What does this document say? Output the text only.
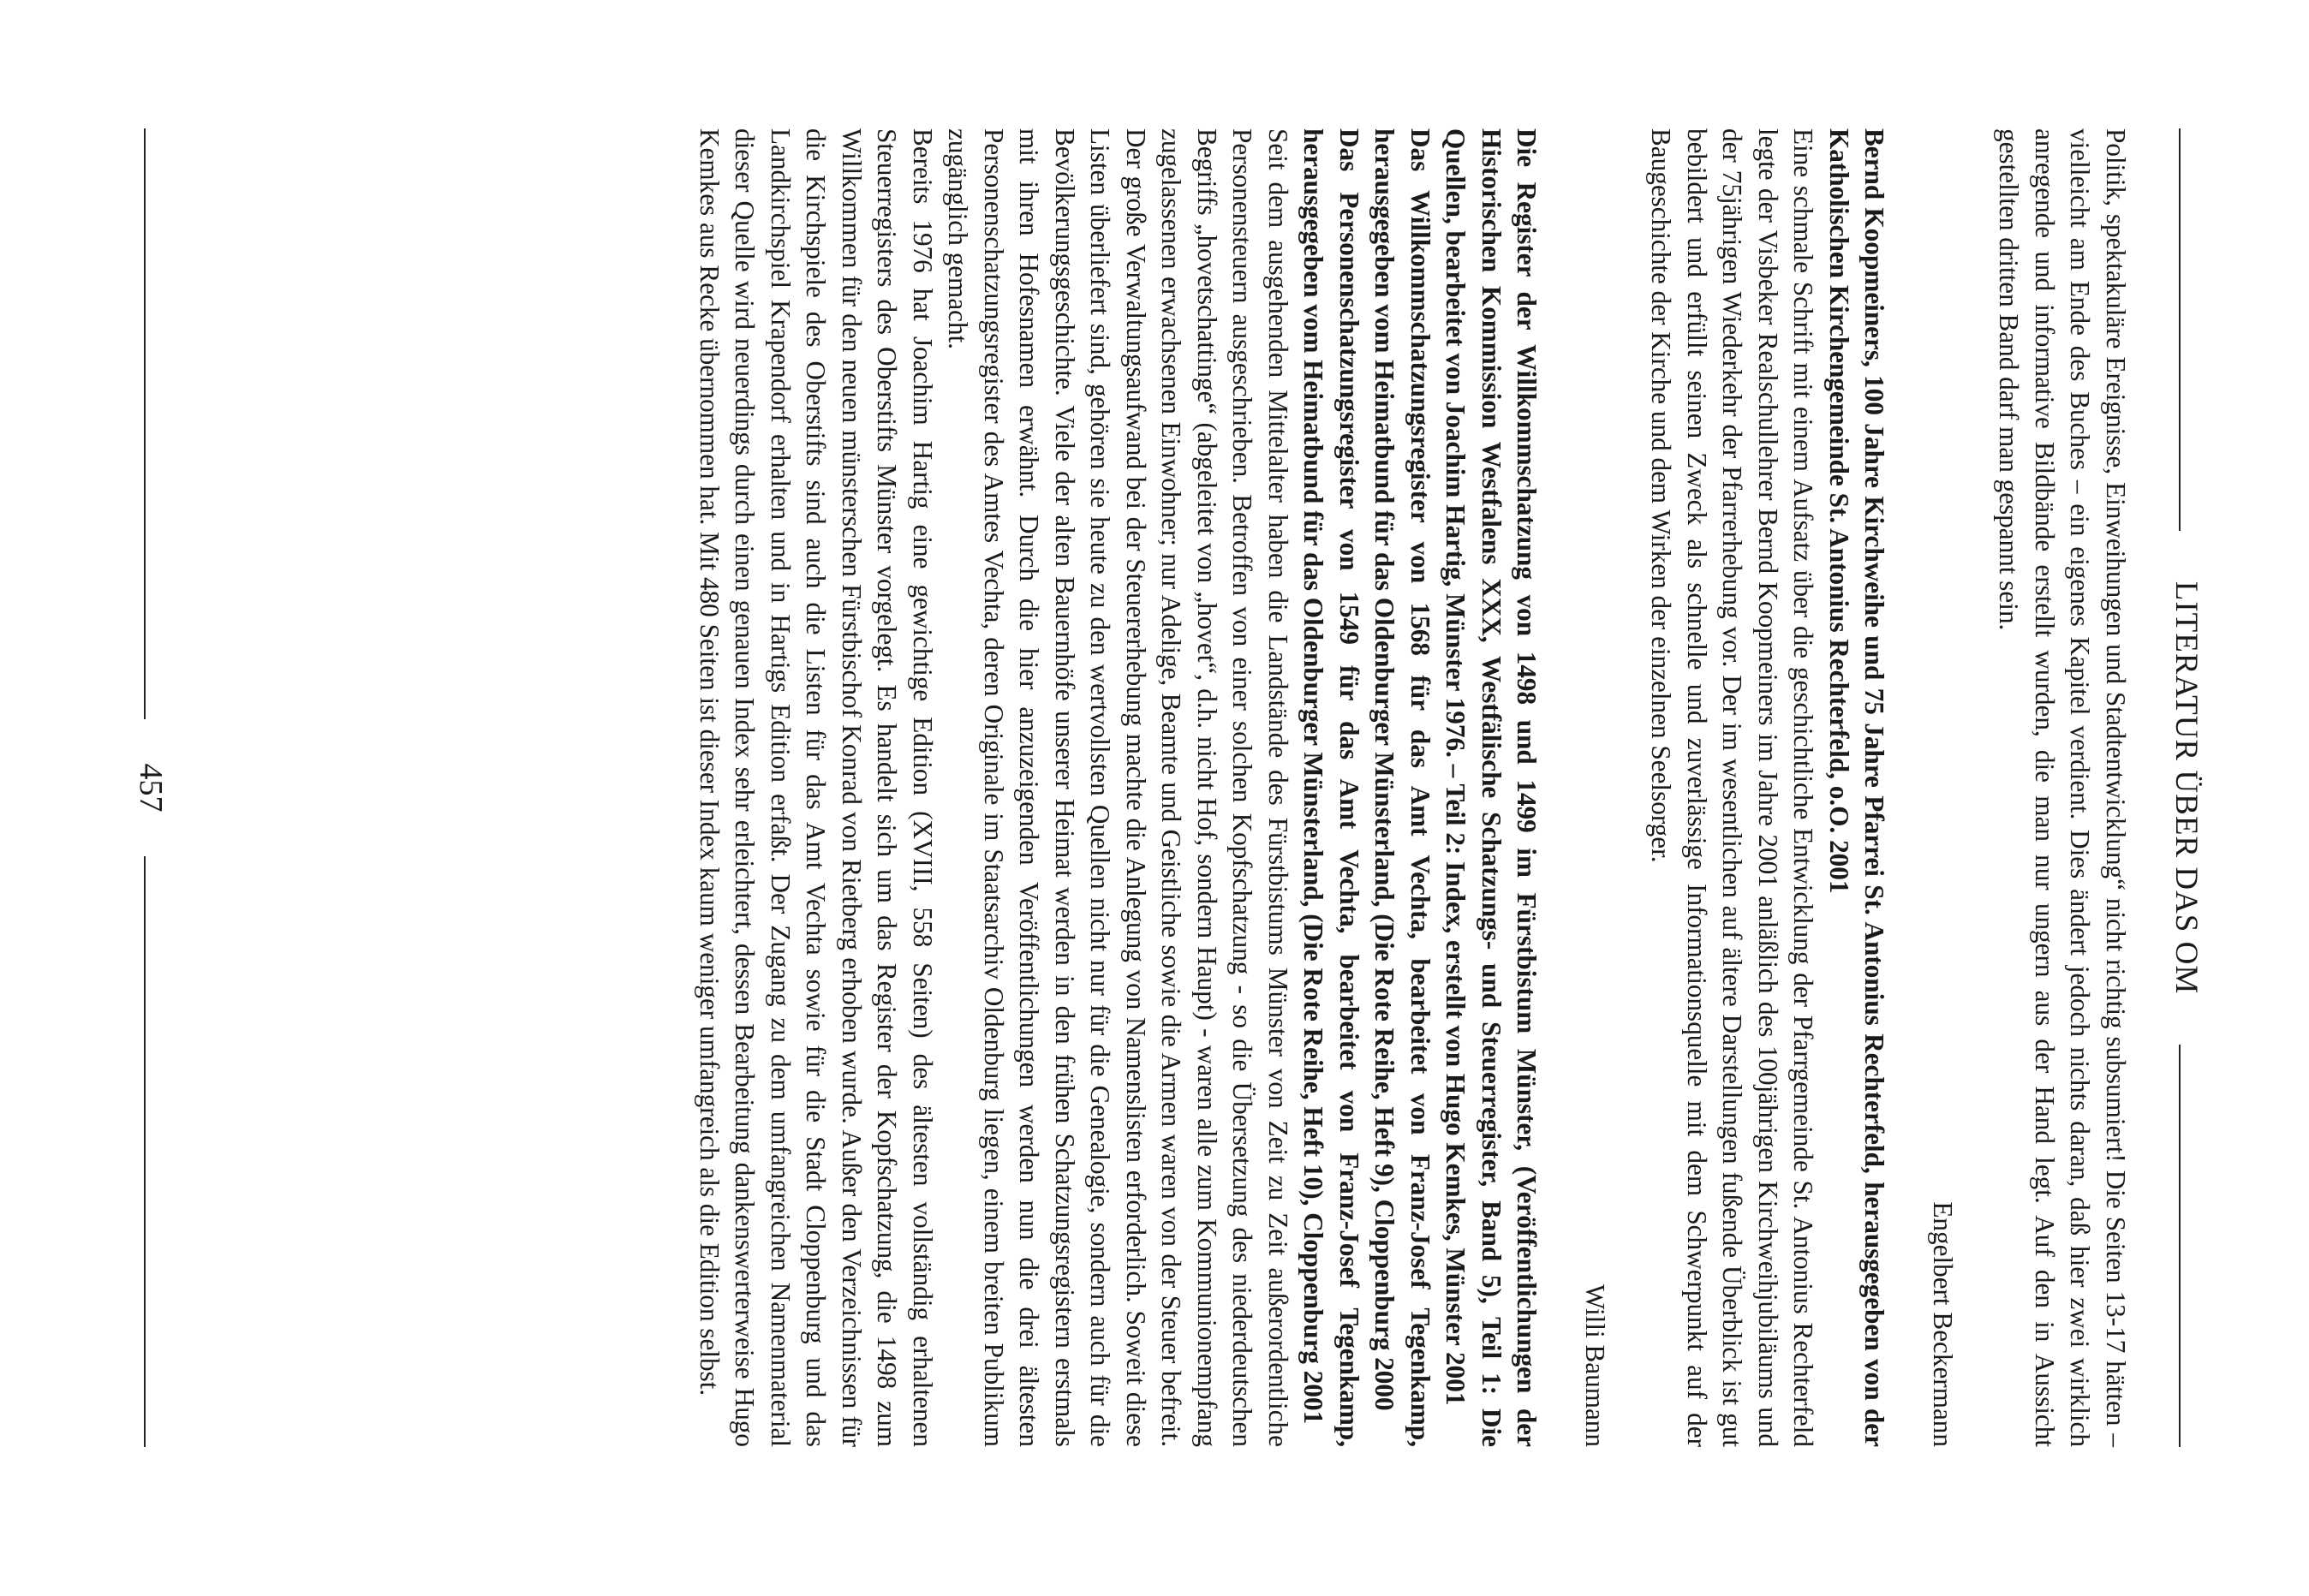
LITERATUR ÜBER DAS OM

Politik, spektakuläre Ereignisse, Einweihungen und Stadtentwicklung“ nicht richtig subsumiert! Die Seiten 13-17 hätten – vielleicht am Ende des Buches – ein eigenes Kapitel verdient. Dies ändert jedoch nichts daran, daß hier zwei wirklich anregende und informative Bildbände erstellt wurden, die man nur ungern aus der Hand legt. Auf den in Aussicht gestellten dritten Band darf man gespannt sein.

Engelbert Beckermann

Bernd Koopmeiners, 100 Jahre Kirchweihe und 75 Jahre Pfarrei St. Antonius Rechterfeld, herausgegeben von der Katholischen Kirchengemeinde St. Antonius Rechterfeld, o.O. 2001

Eine schmale Schrift mit einem Aufsatz über die geschichtliche Entwicklung der Pfarrgemeinde St. Antonius Rechterfeld legte der Visbeker Realschullehrer Bernd Koopmeiners im Jahre 2001 anläßlich des 100jährigen Kirchweihjubiläums und der 75jährigen Wiederkehr der Pfarrerhebung vor. Der im wesentlichen auf ältere Darstellungen fußende Überblick ist gut bebildert und erfüllt seinen Zweck als schnelle und zuverlässige Informationsquelle mit dem Schwerpunkt auf der Baugeschichte der Kirche und dem Wirken der einzelnen Seelsorger.

Willi Baumann

Die Register der Willkommschatzung von 1498 und 1499 im Fürstbistum Münster, (Veröffentlichungen der Historischen Kommission Westfalens XXX, Westfälische Schatzungs- und Steuerregister, Band 5), Teil 1: Die Quellen, bearbeitet von Joachim Hartig, Münster 1976. – Teil 2: Index, erstellt von Hugo Kemkes, Münster 2001

Das Willkommschatzungsregister von 1568 für das Amt Vechta, bearbeitet von Franz-Josef Tegenkamp, herausgegeben vom Heimatbund für das Oldenburger Münsterland, (Die Rote Reihe, Heft 9), Cloppenburg 2000

Das Personenschatzungsregister von 1549 für das Amt Vechta, bearbeitet von Franz-Josef Tegenkamp, herausgegeben vom Heimatbund für das Oldenburger Münsterland, (Die Rote Reihe, Heft 10), Cloppenburg 2001

Seit dem ausgehenden Mittelalter haben die Landstände des Fürstbistums Münster von Zeit zu Zeit außerordentliche Personensteuern ausgeschrieben. Betroffen von einer solchen Kopfschatzung - so die Übersetzung des niederdeutschen Begriffs „hovetschattinge“ (abgeleitet von „hovet“, d.h. nicht Hof, sondern Haupt) - waren alle zum Kommunionempfang zugelassenen erwachsenen Einwohner; nur Adelige, Beamte und Geistliche sowie die Armen waren von der Steuer befreit. Der große Verwaltungsaufwand bei der Steuererhebung machte die Anlegung von Namenslisten erforderlich. Soweit diese Listen überliefert sind, gehören sie heute zu den wertvollsten Quellen nicht nur für die Genealogie, sondern auch für die Bevölkerungsgeschichte. Viele der alten Bauernhöfe unserer Heimat werden in den frühen Schatzungsregistern erstmals mit ihren Hofesnamen erwähnt. Durch die hier anzuzeigenden Veröffentlichungen werden nun die drei ältesten Personenschatzungsregister des Amtes Vechta, deren Originale im Staatsarchiv Oldenburg liegen, einem breiten Publikum zugänglich gemacht.

Bereits 1976 hat Joachim Hartig eine gewichtige Edition (XVIII, 558 Seiten) des ältesten vollständig erhaltenen Steuerregisters des Oberstifts Münster vorgelegt. Es handelt sich um das Register der Kopfschatzung, die 1498 zum Willkommen für den neuen münsterschen Fürstbischof Konrad von Rietberg erhoben wurde. Außer den Verzeichnissen für die Kirchspiele des Oberstifts sind auch die Listen für das Amt Vechta sowie für die Stadt Cloppenburg und das Landkirchspiel Krapendorf erhalten und in Hartigs Edition erfaßt. Der Zugang zu dem umfangreichen Namenmaterial dieser Quelle wird neuerdings durch einen genauen Index sehr erleichtert, dessen Bearbeitung dankenswerterweise Hugo Kemkes aus Recke übernommen hat. Mit 480 Seiten ist dieser Index kaum weniger umfangreich als die Edition selbst.

457
